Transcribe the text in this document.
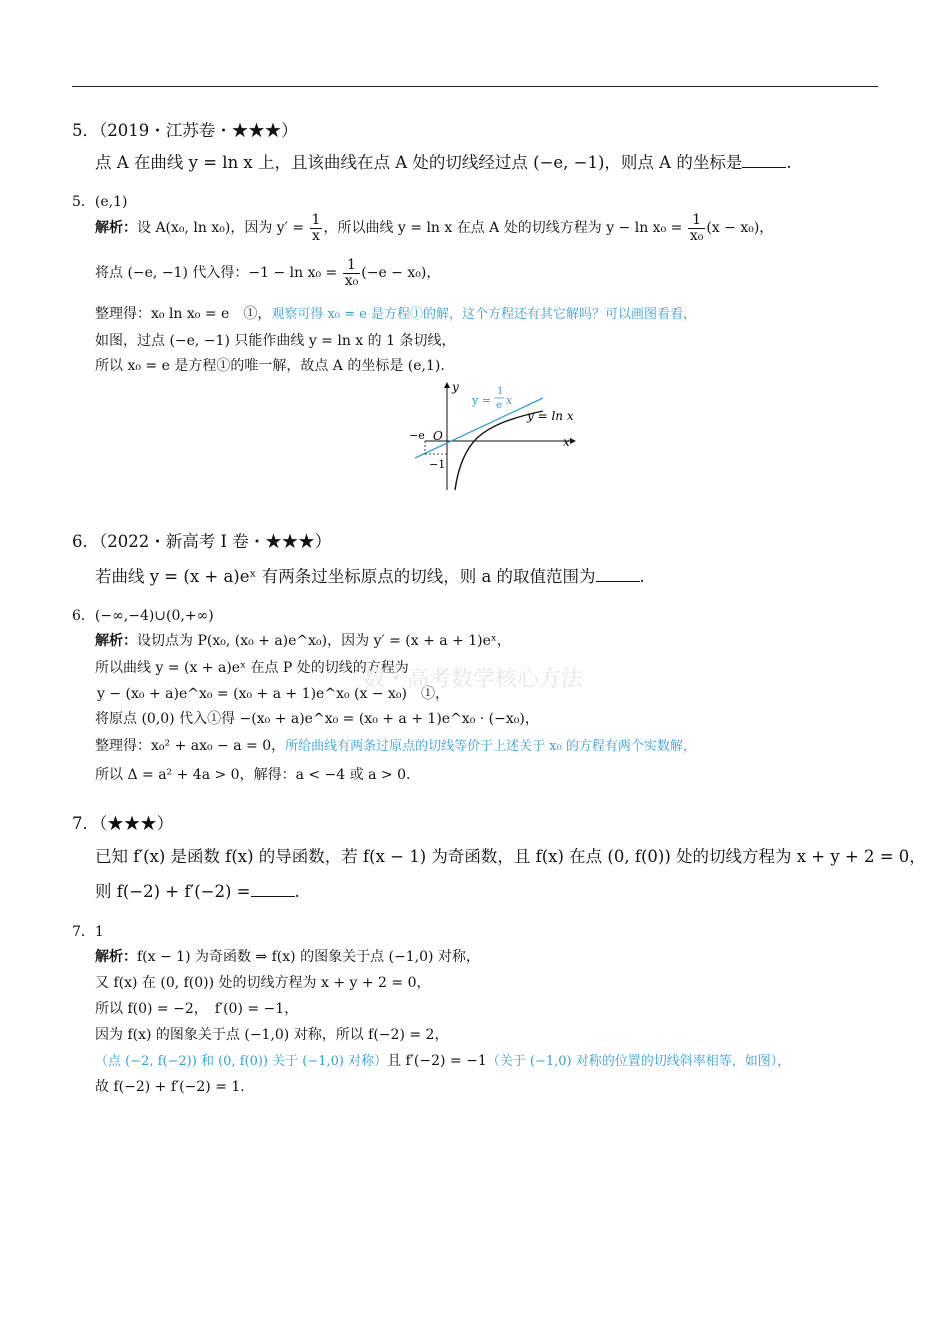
5．（2019・江苏卷・★★★）
点 A 在曲线 y = ln x 上，且该曲线在点 A 处的切线经过点 (−e, −1)，则点 A 的坐标是	.
5．(e,1)
解析：设 A(x₀, ln x₀)，因为 $y' = \frac{1}{x}$ ，所以曲线 y = ln x 在点 A 处的切线方程为 $y - \ln x_0 = \frac{1}{\text{x₀}} (x - x_0)$，
将点 (−e, −1) 代入得：$-1 - \ln x_0 = \frac{1}{\text{x₀}} (-e - x_0)$，
整理得：x₀ ln x₀ = e　①，观察可得 x₀ = e 是方程①的解，这个方程还有其它解吗？可以画图看看，
如图，过点 (−e, −1) 只能作曲线 y = ln x 的 1 条切线，
所以 x₀ = e 是方程①的唯一解，故点 A 的坐标是 (e,1).
y
x
O
−e
−1
y = ln x
y =
1
e x
6．（2022・新高考 I 卷・★★★）
若曲线 y = (x + a)eˣ 有两条过坐标原点的切线，则 a 的取值范围为	.
6．(−∞,−4)∪(0,+∞)
解析：设切点为 P(x₀, (x₀ + a)e^x₀)，因为 y′ = (x + a + 1)eˣ，
所以曲线 y = (x + a)eˣ 在点 P 处的切线的方程为
y − (x₀ + a)e^x₀ = (x₀ + a + 1)e^x₀ (x − x₀)　①，
将原点 (0,0) 代入①得 −(x₀ + a)e^x₀ = (x₀ + a + 1)e^x₀ · (−x₀)，
整理得：x₀² + ax₀ − a = 0，所给曲线有两条过原点的切线等价于上述关于 x₀ 的方程有两个实数解，
所以 Δ = a² + 4a > 0，解得：a < −4 或 a > 0.
数・高考数学核心方法
7．（★★★）
已知 f′(x) 是函数 f(x) 的导函数，若 f(x − 1) 为奇函数，且 f(x) 在点 (0, f(0)) 处的切线方程为 x + y + 2 = 0，
则 f(−2) + f′(−2) =	.
7．1
解析：f(x − 1) 为奇函数 ⇒ f(x) 的图象关于点 (−1,0) 对称，
又 f(x) 在 (0, f(0)) 处的切线方程为 x + y + 2 = 0，
所以 f(0) = −2，　f′(0) = −1，
因为 f(x) 的图象关于点 (−1,0) 对称，所以 f(−2) = 2，
（点 (−2, f(−2)) 和 (0, f(0)) 关于 (−1,0) 对称）且 f′(−2) = −1（关于 (−1,0) 对称的位置的切线斜率相等，如图），
故 f(−2) + f′(−2) = 1.
